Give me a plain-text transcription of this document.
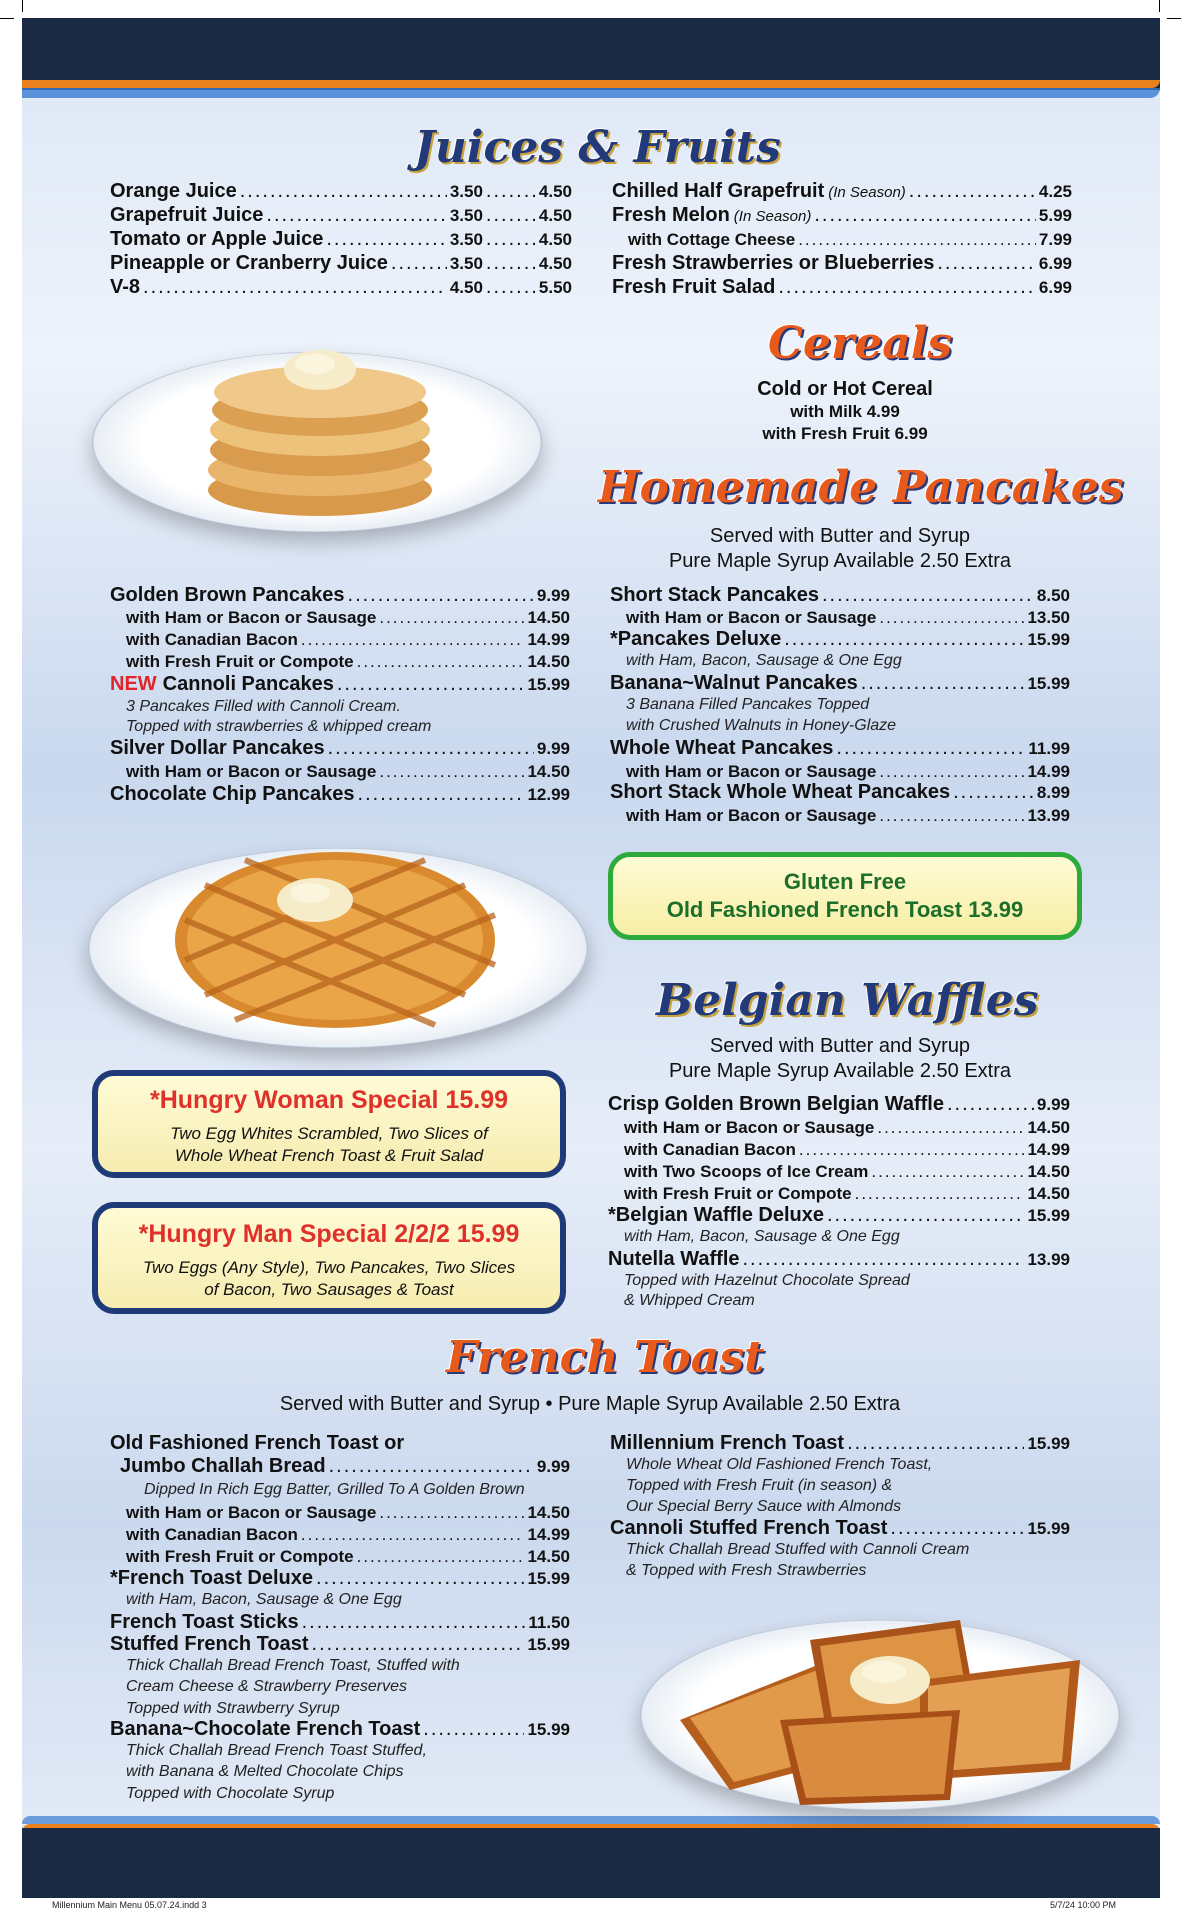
Juices & Fruits
Orange Juice .....	3.50 .....	4.50
Grapefruit Juice .....	3.50 .....	4.50
Tomato or Apple Juice .....	3.50 .....	4.50
Pineapple or Cranberry Juice .....	3.50 .....	4.50
V-8 .....	4.50 .....	5.50
Chilled Half Grapefruit (In Season) .....	4.25
Fresh Melon (In Season) .....	5.99
with Cottage Cheese .....	7.99
Fresh Strawberries or Blueberries .....	6.99
Fresh Fruit Salad .....	6.99
Cereals
Cold or Hot Cereal
with Milk 4.99
with Fresh Fruit 6.99
Homemade Pancakes
Served with Butter and Syrup
Pure Maple Syrup Available 2.50 Extra
Golden Brown Pancakes .....	9.99
with Ham or Bacon or Sausage .....	14.50
with Canadian Bacon .....	14.99
with Fresh Fruit or Compote .....	14.50
NEW Cannoli Pancakes .....	15.99
3 Pancakes Filled with Cannoli Cream.
Topped with strawberries & whipped cream
Silver Dollar Pancakes .....	9.99
with Ham or Bacon or Sausage .....	14.50
Chocolate Chip Pancakes .....	12.99
Short Stack Pancakes .....	8.50
with Ham or Bacon or Sausage .....	13.50
*Pancakes Deluxe .....	15.99
with Ham, Bacon, Sausage & One Egg
Banana~Walnut Pancakes .....	15.99
3 Banana Filled Pancakes Topped
with Crushed Walnuts in Honey-Glaze
Whole Wheat Pancakes .....	11.99
with Ham or Bacon or Sausage .....	14.99
Short Stack Whole Wheat Pancakes .....	8.99
with Ham or Bacon or Sausage .....	13.99
Gluten Free
Old Fashioned French Toast 13.99
Belgian Waffles
Served with Butter and Syrup
Pure Maple Syrup Available 2.50 Extra
Crisp Golden Brown Belgian Waffle .....	9.99
with Ham or Bacon or Sausage .....	14.50
with Canadian Bacon .....	14.99
with Two Scoops of Ice Cream .....	14.50
with Fresh Fruit or Compote .....	14.50
*Belgian Waffle Deluxe .....	15.99
with Ham, Bacon, Sausage & One Egg
Nutella Waffle .....	13.99
Topped with Hazelnut Chocolate Spread
& Whipped Cream
*Hungry Woman Special 15.99
Two Egg Whites Scrambled, Two Slices of
Whole Wheat French Toast & Fruit Salad
*Hungry Man Special 2/2/2 15.99
Two Eggs (Any Style), Two Pancakes, Two Slices
of Bacon, Two Sausages & Toast
French Toast
Served with Butter and Syrup • Pure Maple Syrup Available 2.50 Extra
Old Fashioned French Toast or
Jumbo Challah Bread .....	9.99
Dipped In Rich Egg Batter, Grilled To A Golden Brown
with Ham or Bacon or Sausage .....	14.50
with Canadian Bacon .....	14.99
with Fresh Fruit or Compote .....	14.50
*French Toast Deluxe .....	15.99
with Ham, Bacon, Sausage & One Egg
French Toast Sticks .....	11.50
Stuffed French Toast .....	15.99
Thick Challah Bread French Toast, Stuffed with
Cream Cheese & Strawberry Preserves
Topped with Strawberry Syrup
Banana~Chocolate French Toast .....	15.99
Thick Challah Bread French Toast Stuffed,
with Banana & Melted Chocolate Chips
Topped with Chocolate Syrup
Millennium French Toast .....	15.99
Whole Wheat Old Fashioned French Toast,
Topped with Fresh Fruit (in season) &
Our Special Berry Sauce with Almonds
Cannoli Stuffed French Toast .....	15.99
Thick Challah Bread Stuffed with Cannoli Cream
& Topped with Fresh Strawberries
Millennium Main Menu 05.07.24.indd 3	5/7/24 10:00 PM
